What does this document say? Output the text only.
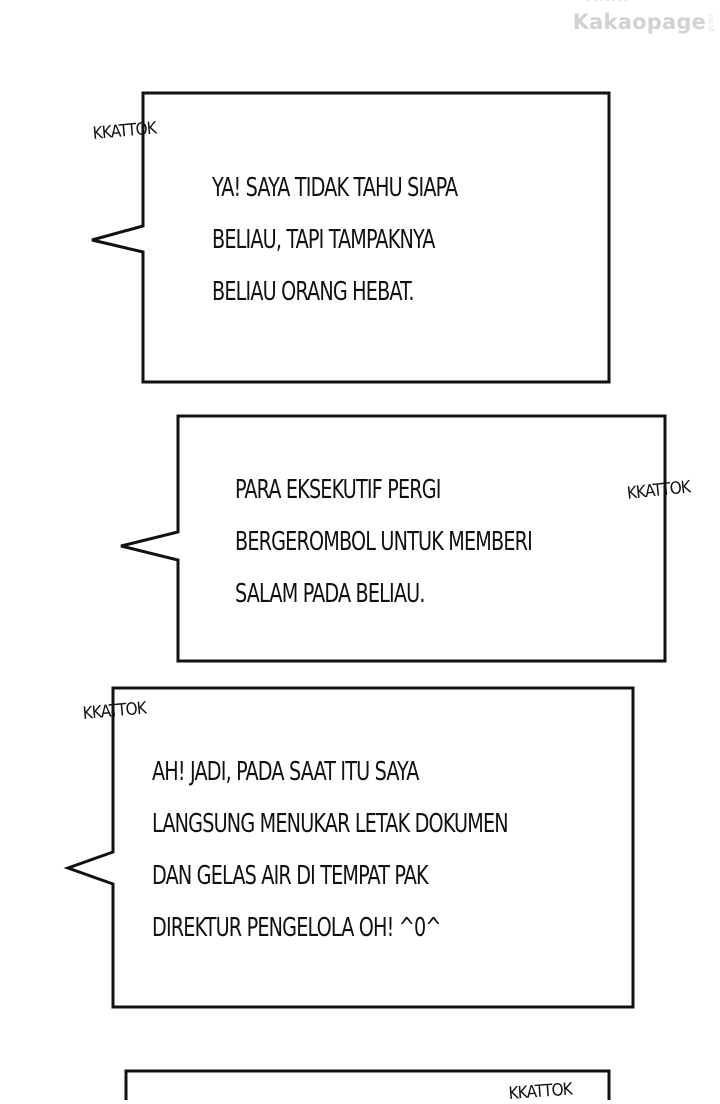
Kakaopage .co.id
YA! SAYA TIDAK TAHU SIAPA
BELIAU, TAPI TAMPAKNYA
BELIAU ORANG HEBAT.
KKATTOK
PARA EKSEKUTIF PERGI
BERGEROMBOL UNTUK MEMBERI
SALAM PADA BELIAU.
KKATTOK
AH! JADI, PADA SAAT ITU SAYA
LANGSUNG MENUKAR LETAK DOKUMEN
DAN GELAS AIR DI TEMPAT PAK
DIREKTUR PENGELOLA OH! ^0^
KKATTOK
KKATTOK
